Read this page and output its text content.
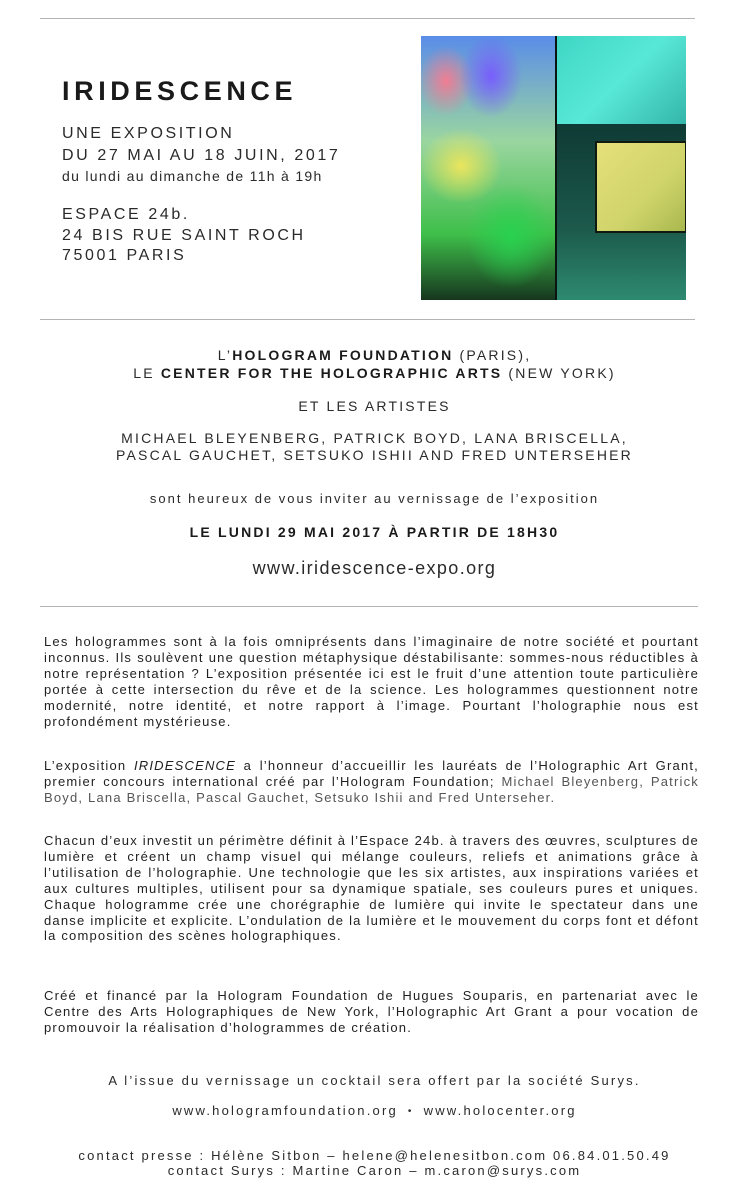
IRIDESCENCE
UNE EXPOSITION
DU 27 MAI AU 18 JUIN, 2017
du lundi au dimanche de 11h à 19h
ESPACE 24b.
24 BIS RUE SAINT ROCH
75001 PARIS
L’HOLOGRAM FOUNDATION (PARIS),
LE CENTER FOR THE HOLOGRAPHIC ARTS (NEW YORK)
ET LES ARTISTES
MICHAEL BLEYENBERG, PATRICK BOYD, LANA BRISCELLA,
PASCAL GAUCHET, SETSUKO ISHII AND FRED UNTERSEHER
sont heureux de vous inviter au vernissage de l’exposition
LE LUNDI 29 MAI 2017 À PARTIR DE 18H30
www.iridescence-expo.org

Les hologrammes sont à la fois omniprésents dans l’imaginaire de notre société et pourtant inconnus. Ils soulèvent une question métaphysique déstabilisante: sommes-nous réductibles à notre représentation ? L’exposition présentée ici est le fruit d’une attention toute particulière portée à cette intersection du rêve et de la science. Les hologrammes questionnent notre modernité, notre identité, et notre rapport à l’image. Pourtant l’holographie nous est profondément mystérieuse.

L’exposition IRIDESCENCE a l’honneur d’accueillir les lauréats de l’Holographic Art Grant, premier concours international créé par l’Hologram Foundation; Michael Bleyenberg, Patrick Boyd, Lana Briscella, Pascal Gauchet, Setsuko Ishii and Fred Unterseher.

Chacun d’eux investit un périmètre définit à l’Espace 24b. à travers des œuvres, sculptures de lumière et créent un champ visuel qui mélange couleurs, reliefs et animations grâce à l’utilisation de l’holographie. Une technologie que les six artistes, aux inspirations variées et aux cultures multiples, utilisent pour sa dynamique spatiale, ses couleurs pures et uniques. Chaque hologramme crée une chorégraphie de lumière qui invite le spectateur dans une danse implicite et explicite. L’ondulation de la lumière et le mouvement du corps font et défont la composition des scènes holographiques.

Créé et financé par la Hologram Foundation de Hugues Souparis, en partenariat avec le Centre des Arts Holographiques de New York, l’Holographic Art Grant a pour vocation de promouvoir la réalisation d’hologrammes de création.

A l’issue du vernissage un cocktail sera offert par la société Surys.
www.hologramfoundation.org • www.holocenter.org
contact presse : Hélène Sitbon – helene@helenesitbon.com 06.84.01.50.49
contact Surys : Martine Caron – m.caron@surys.com
